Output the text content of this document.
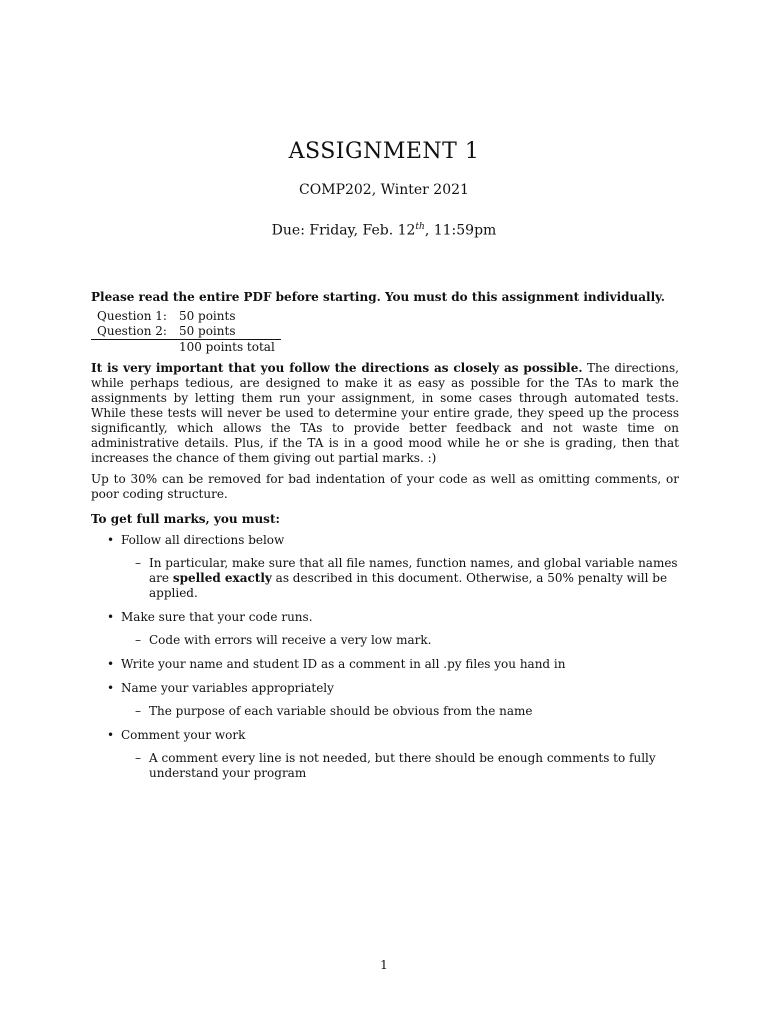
ASSIGNMENT 1
COMP202, Winter 2021
Due: Friday, Feb. 12th, 11:59pm
Please read the entire PDF before starting. You must do this assignment individually.
Question 1:	50 points
Question 2:	50 points
	100 points total

It is very important that you follow the directions as closely as possible. The directions, while perhaps tedious, are designed to make it as easy as possible for the TAs to mark the assignments by letting them run your assignment, in some cases through automated tests. While these tests will never be used to determine your entire grade, they speed up the process significantly, which allows the TAs to provide better feedback and not waste time on administrative details. Plus, if the TA is in a good mood while he or she is grading, then that increases the chance of them giving out partial marks. :)

Up to 30% can be removed for bad indentation of your code as well as omitting comments, or poor coding structure.

To get full marks, you must:
• Follow all directions below
– In particular, make sure that all file names, function names, and global variable names are spelled exactly as described in this document. Otherwise, a 50% penalty will be applied.
• Make sure that your code runs.
– Code with errors will receive a very low mark.
• Write your name and student ID as a comment in all .py files you hand in
• Name your variables appropriately
– The purpose of each variable should be obvious from the name
• Comment your work
– A comment every line is not needed, but there should be enough comments to fully understand your program
1
